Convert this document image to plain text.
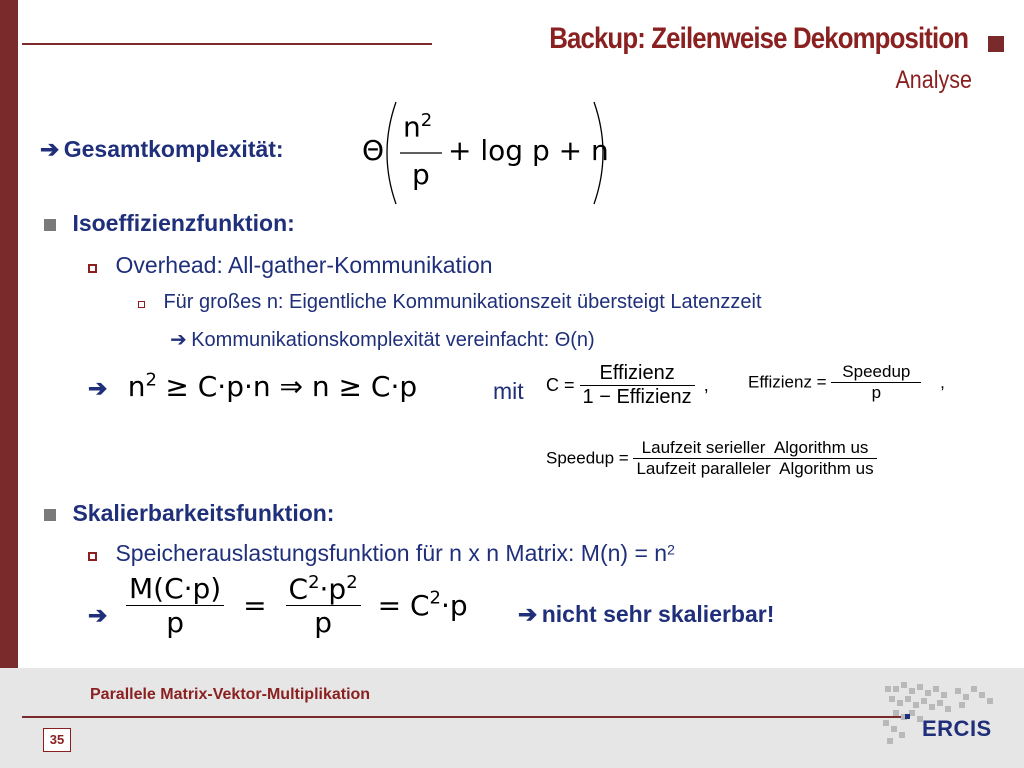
Backup: Zeilenweise Dekomposition
Analyse
➔ Gesamtkomplexität:	Θ
$n^2$
p
+ log p + n
Isoeffizienzfunktion:
Overhead: All-gather-Kommunikation
Für großes n: Eigentliche Kommunikationszeit übersteigt Latenzzeit
➔ Kommunikationskomplexität vereinfacht: Θ(n)
➔ $n^2 \ge C\cdot p\cdot n$ ⇒ n ≥ C·p	mit $C = \frac{\text{Effizienz}}{\text{1 − Effizienz}}$ , Effizienz = $\frac{\text{Speedup}}{p}$ ,
Speedup = $\frac{\text{Laufzeit serieller  Algorithm us}}{\text{Laufzeit paralleler  Algorithm us}}$
Skalierbarkeitsfunktion:
Speicherauslastungsfunktion für n x n Matrix: $M(n) = n^2$
➔ $\frac{M(C\cdot p)}{p} = \frac{C^2\cdot p^2}{p} = C^2\cdot p$ ➔ nicht sehr skalierbar!
Parallele Matrix-Vektor-Multiplikation
35	ERCIS
